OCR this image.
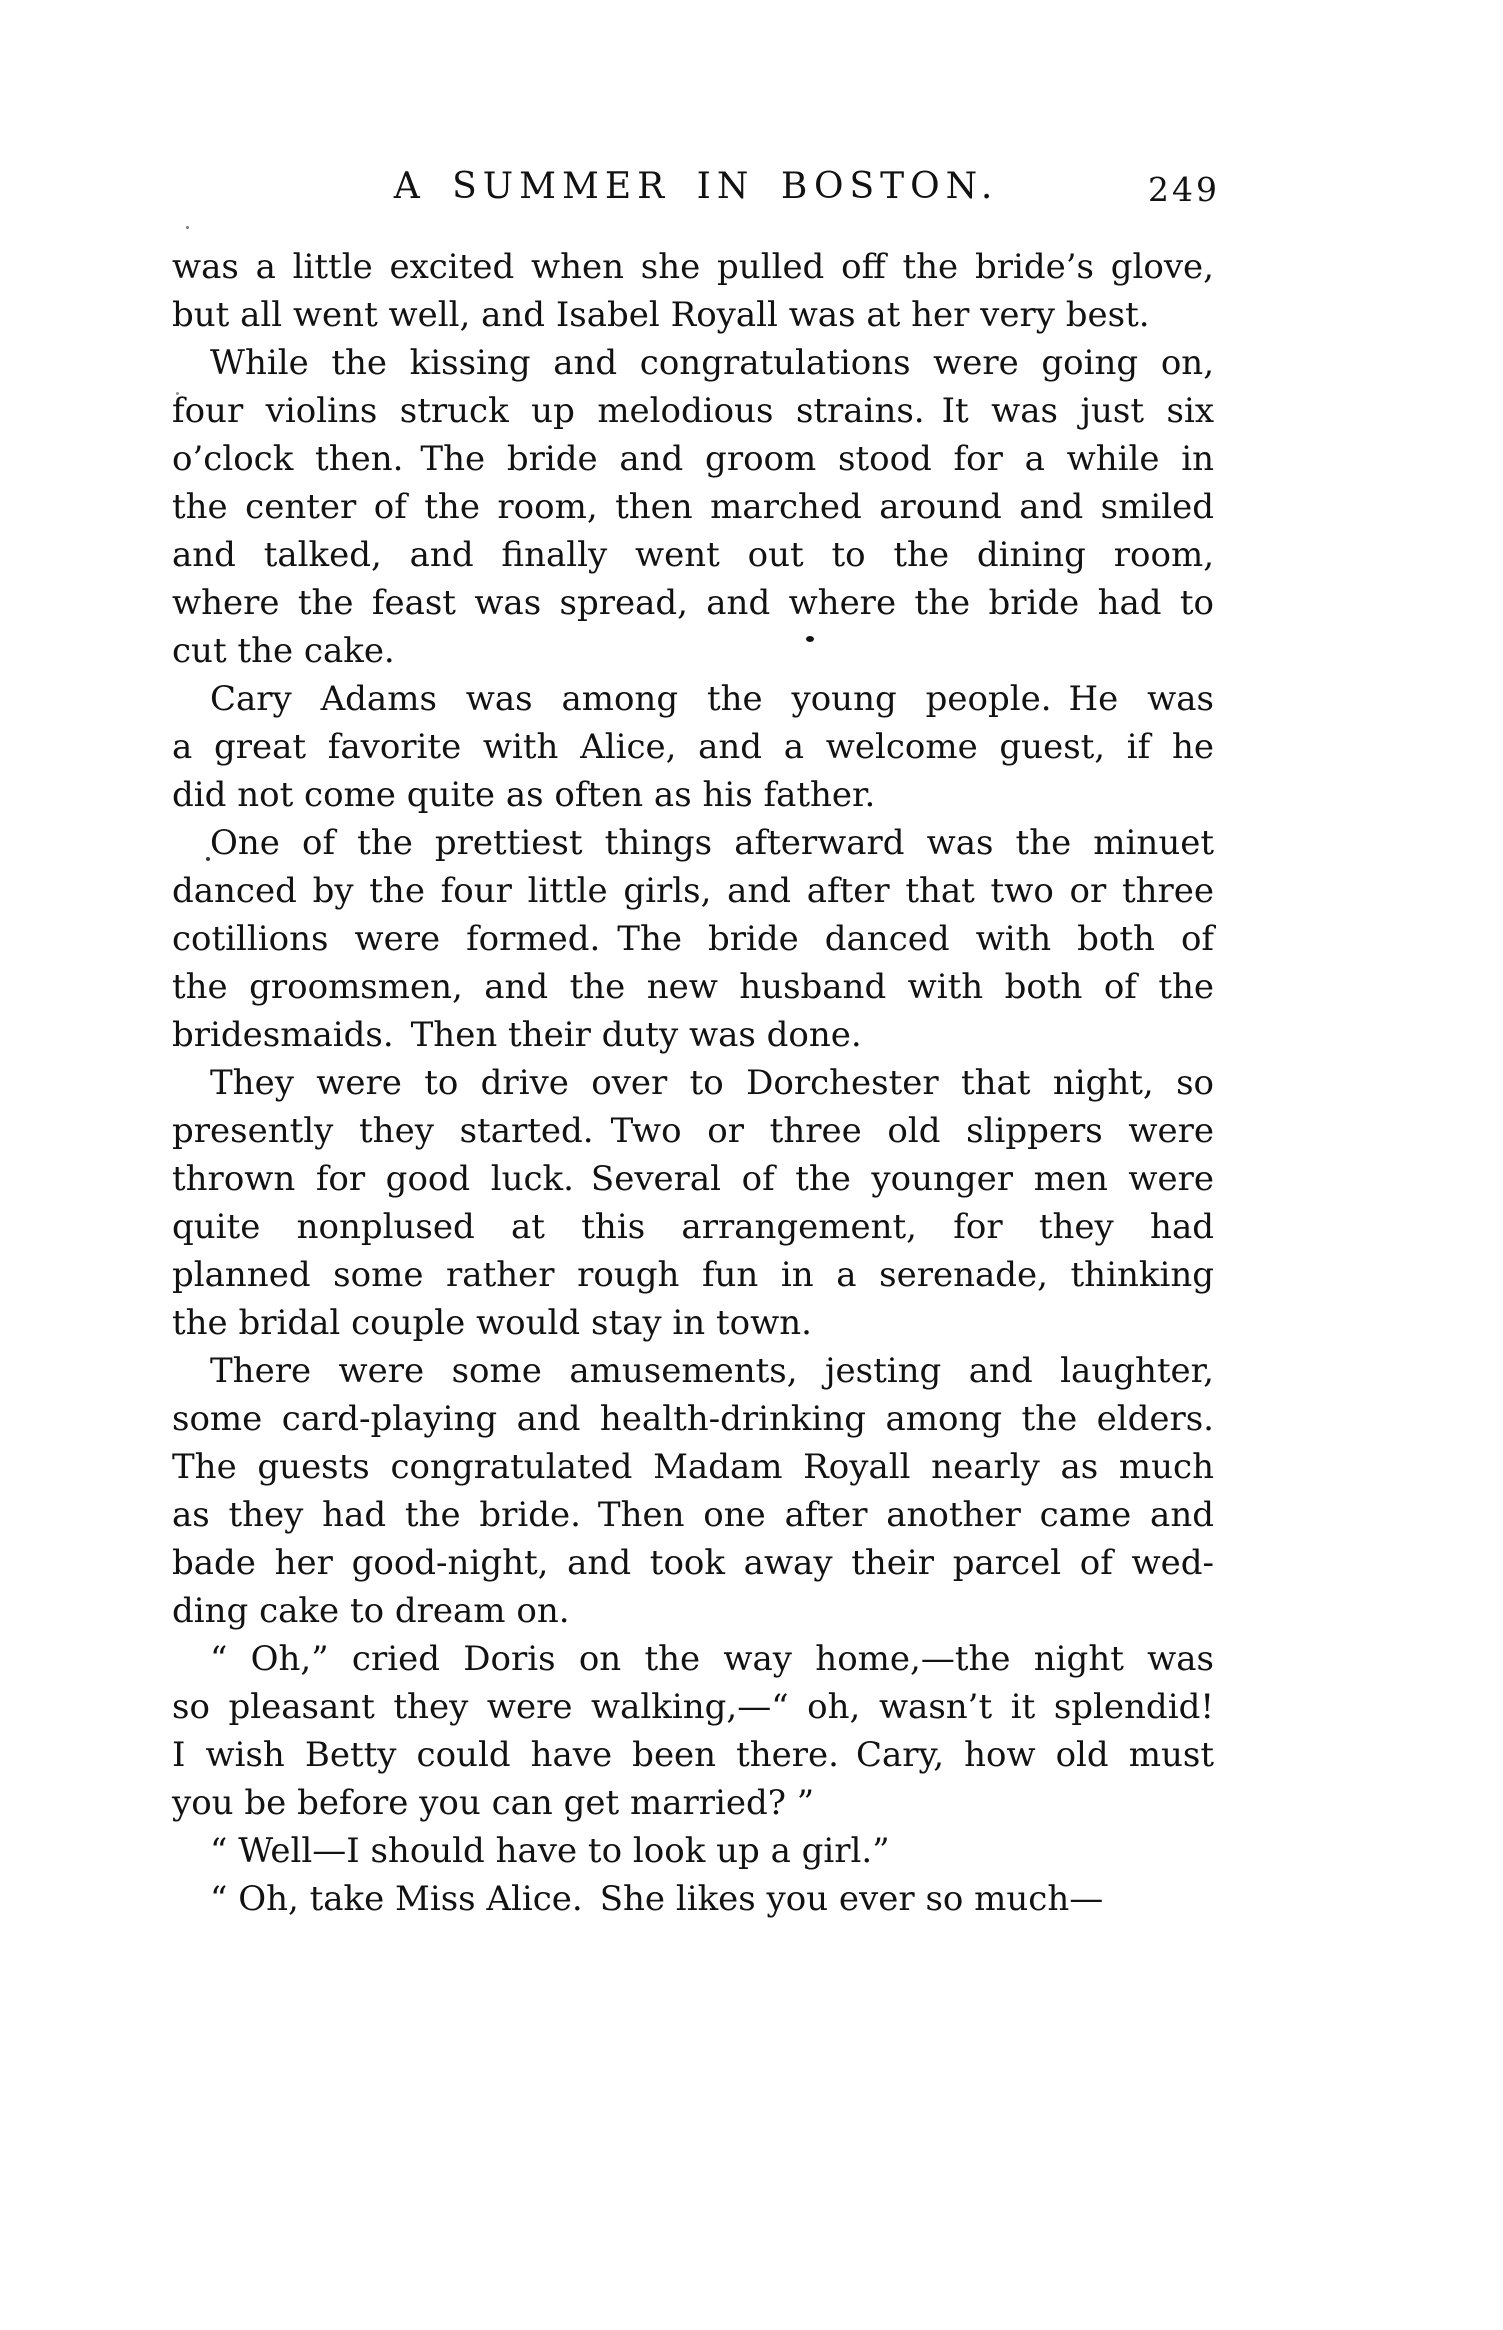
A SUMMER IN BOSTON.	249
was a little excited when she pulled off the bride’s glove,
but all went well, and Isabel Royall was at her very best.
While the kissing and congratulations were going on,
four violins struck up melodious strains. It was just six
o’clock then. The bride and groom stood for a while in
the center of the room, then marched around and smiled
and talked, and finally went out to the dining room,
where the feast was spread, and where the bride had to
cut the cake.
Cary Adams was among the young people. He was
a great favorite with Alice, and a welcome guest, if he
did not come quite as often as his father.
One of the prettiest things afterward was the minuet
danced by the four little girls, and after that two or three
cotillions were formed. The bride danced with both of
the groomsmen, and the new husband with both of the
bridesmaids. Then their duty was done.
They were to drive over to Dorchester that night, so
presently they started. Two or three old slippers were
thrown for good luck. Several of the younger men were
quite nonplused at this arrangement, for they had
planned some rather rough fun in a serenade, thinking
the bridal couple would stay in town.
There were some amusements, jesting and laughter,
some card-playing and health-drinking among the elders.
The guests congratulated Madam Royall nearly as much
as they had the bride. Then one after another came and
bade her good-night, and took away their parcel of wed-
ding cake to dream on.
“ Oh,” cried Doris on the way home,—the night was
so pleasant they were walking,—“ oh, wasn’t it splendid!
I wish Betty could have been there. Cary, how old must
you be before you can get married? ”
“ Well—I should have to look up a girl.”
“ Oh, take Miss Alice. She likes you ever so much—
